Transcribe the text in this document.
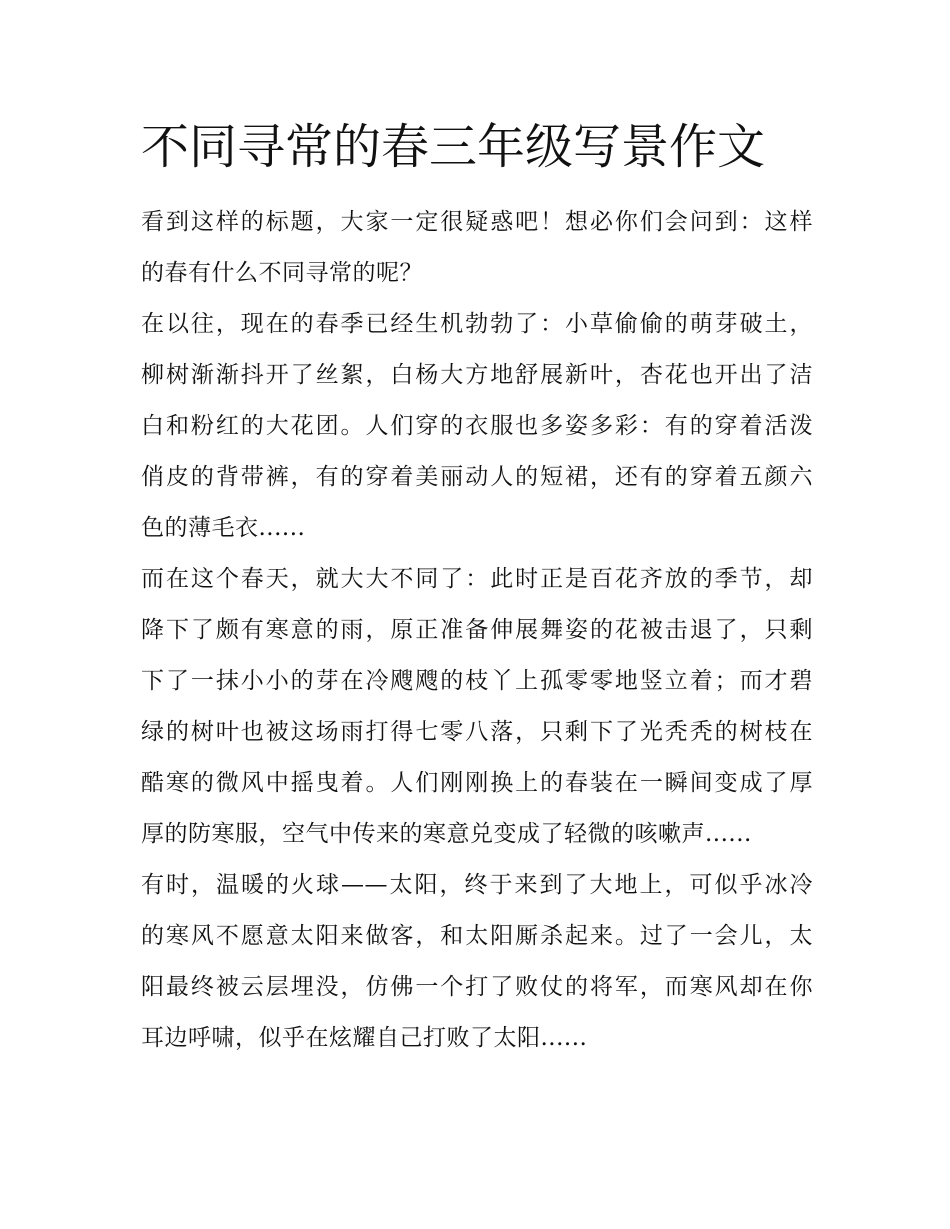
不同寻常的春三年级写景作文

看到这样的标题，大家一定很疑惑吧！想必你们会问到：这样
的春有什么不同寻常的呢？

在以往，现在的春季已经生机勃勃了：小草偷偷的萌芽破土，
柳树渐渐抖开了丝絮，白杨大方地舒展新叶，杏花也开出了洁
白和粉红的大花团。人们穿的衣服也多姿多彩：有的穿着活泼
俏皮的背带裤，有的穿着美丽动人的短裙，还有的穿着五颜六
色的薄毛衣......

而在这个春天，就大大不同了：此时正是百花齐放的季节，却
降下了颇有寒意的雨，原正准备伸展舞姿的花被击退了，只剩
下了一抹小小的芽在冷飕飕的枝丫上孤零零地竖立着；而才碧
绿的树叶也被这场雨打得七零八落，只剩下了光秃秃的树枝在
酷寒的微风中摇曳着。人们刚刚换上的春装在一瞬间变成了厚
厚的防寒服，空气中传来的寒意兑变成了轻微的咳嗽声......

有时，温暖的火球——太阳，终于来到了大地上，可似乎冰冷
的寒风不愿意太阳来做客，和太阳厮杀起来。过了一会儿，太
阳最终被云层埋没，仿佛一个打了败仗的将军，而寒风却在你
耳边呼啸，似乎在炫耀自己打败了太阳......
